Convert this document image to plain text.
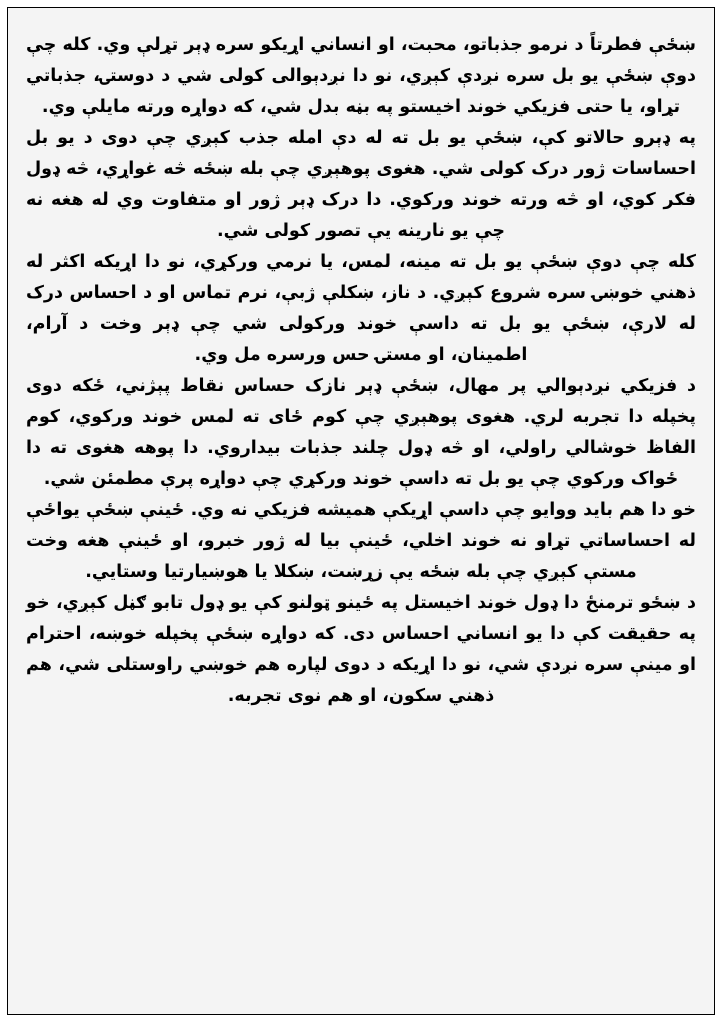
ښځې فطرتاً د نرمو جذباتو، محبت، او انساني اړیکو سره ډېر تړلې وي. کله چې دوې ښځې یو بل سره نږدې کېږي، نو دا نږدېوالی کولی شي د دوستۍ، جذباتي تړاو، یا حتی فزیکي خوند اخیستو په بڼه بدل شي، که دواړه ورته مايلې وي.

په ډېرو حالاتو کې، ښځې یو بل ته له دې امله جذب کېږي چې دوی د یو بل احساسات ژور درک کولی شي. هغوی پوهېږي چې بله ښځه څه غواړي، څه ډول فکر کوي، او څه ورته خوند ورکوي. دا درک ډېر ژور او متفاوت وي له هغه نه چې یو نارینه یې تصور کولی شي.

کله چې دوې ښځې یو بل ته مینه، لمس، یا نرمي ورکړي، نو دا اړیکه اکثر له ذهني خوښۍ سره شروع کېږي. د ناز، ښکلې ژبې، نرم تماس او د احساس درک له لارې، ښځې یو بل ته داسې خوند ورکولی شي چې ډېر وخت د آرام، اطمینان، او مستۍ حس ورسره مل وي.

د فزیکي نږدېوالي پر مهال، ښځې ډېر نازک حساس نقاط پېژني، ځکه دوی پخپله دا تجربه لري. هغوی پوهېږي چې کوم ځای ته لمس خوند ورکوي، کوم الفاظ خوشالي راولي، او څه ډول چلند جذبات بیداروي. دا پوهه هغوی ته دا ځواک ورکوي چې یو بل ته داسې خوند ورکړي چې دواړه پرې مطمئن شي.

خو دا هم باید ووایو چې داسې اړیکې همیشه فزیکي نه وي. ځینې ښځې یواځې له احساساتي تړاو نه خوند اخلي، ځینې بیا له ژور خبرو، او ځینې هغه وخت مستې کېږي چې بله ښځه یې زړښت، ښکلا یا هوښیارتیا وستایي.

د ښځو ترمنځ دا ډول خوند اخیستل په ځینو ټولنو کې یو ډول تابو ګڼل کېږي، خو په حقیقت کې دا یو انساني احساس دی. که دواړه ښځې پخپله خوښه، احترام او مینې سره نږدې شي، نو دا اړیکه د دوی لپاره هم خوښي راوستلی شي، هم ذهني سکون، او هم نوی تجربه.
